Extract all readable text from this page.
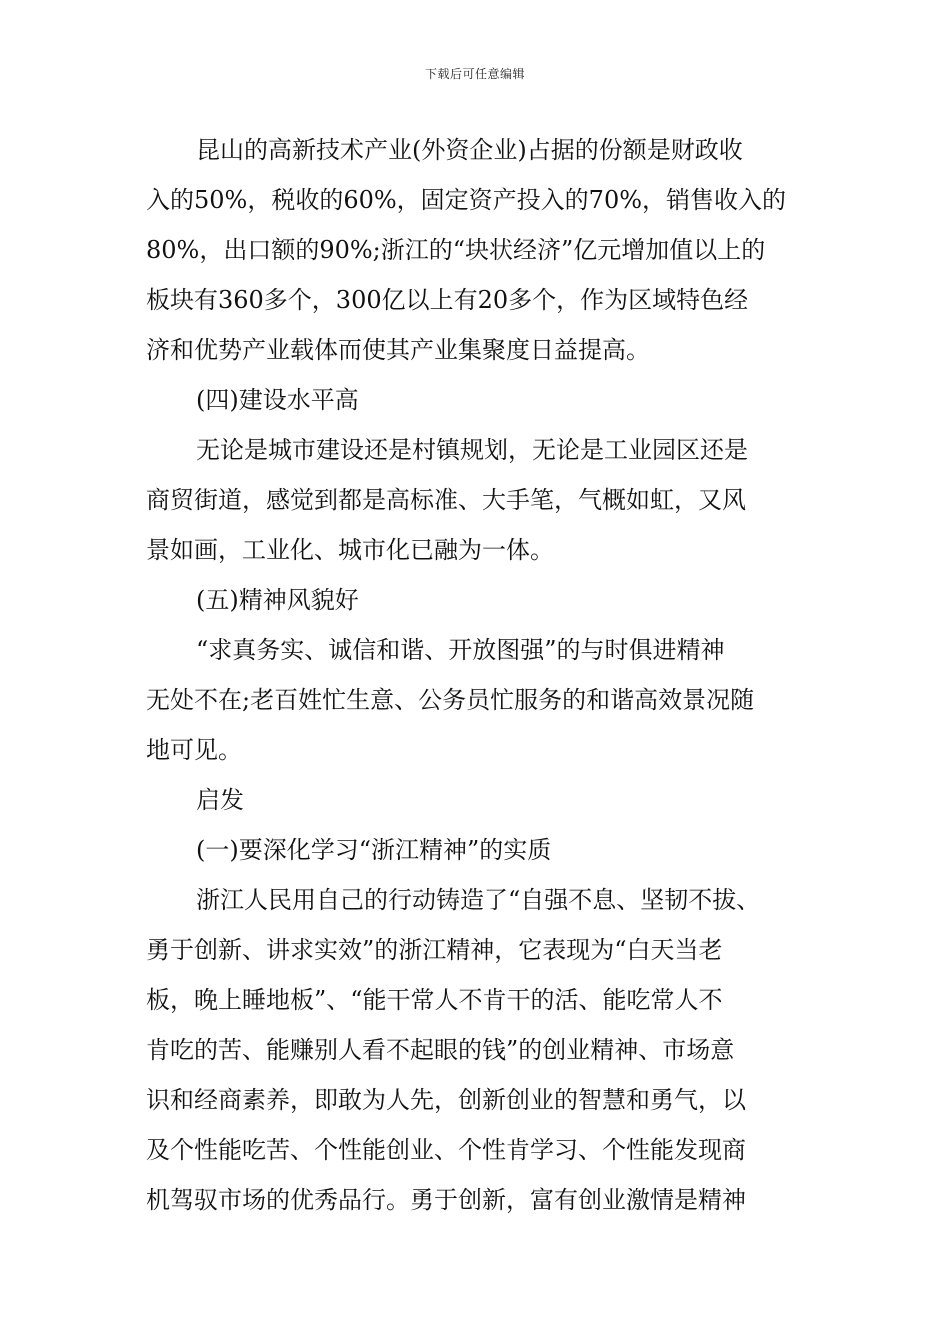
下载后可任意编辑
昆山的高新技术产业(外资企业)占据的份额是财政收
入的50%，税收的60%，固定资产投入的70%，销售收入的
80%，出口额的90%;浙江的“块状经济”亿元增加值以上的
板块有360多个，300亿以上有20多个，作为区域特色经
济和优势产业载体而使其产业集聚度日益提高。
(四)建设水平高
无论是城市建设还是村镇规划，无论是工业园区还是
商贸街道，感觉到都是高标准、大手笔，气概如虹，又风
景如画，工业化、城市化已融为一体。
(五)精神风貌好
“求真务实、诚信和谐、开放图强”的与时俱进精神
无处不在;老百姓忙生意、公务员忙服务的和谐高效景况随
地可见。
启发
(一)要深化学习“浙江精神”的实质
浙江人民用自己的行动铸造了“自强不息、坚韧不拔、
勇于创新、讲求实效”的浙江精神，它表现为“白天当老
板，晚上睡地板”、“能干常人不肯干的活、能吃常人不
肯吃的苦、能赚别人看不起眼的钱”的创业精神、市场意
识和经商素养，即敢为人先，创新创业的智慧和勇气，以
及个性能吃苦、个性能创业、个性肯学习、个性能发现商
机驾驭市场的优秀品行。勇于创新，富有创业激情是精神
